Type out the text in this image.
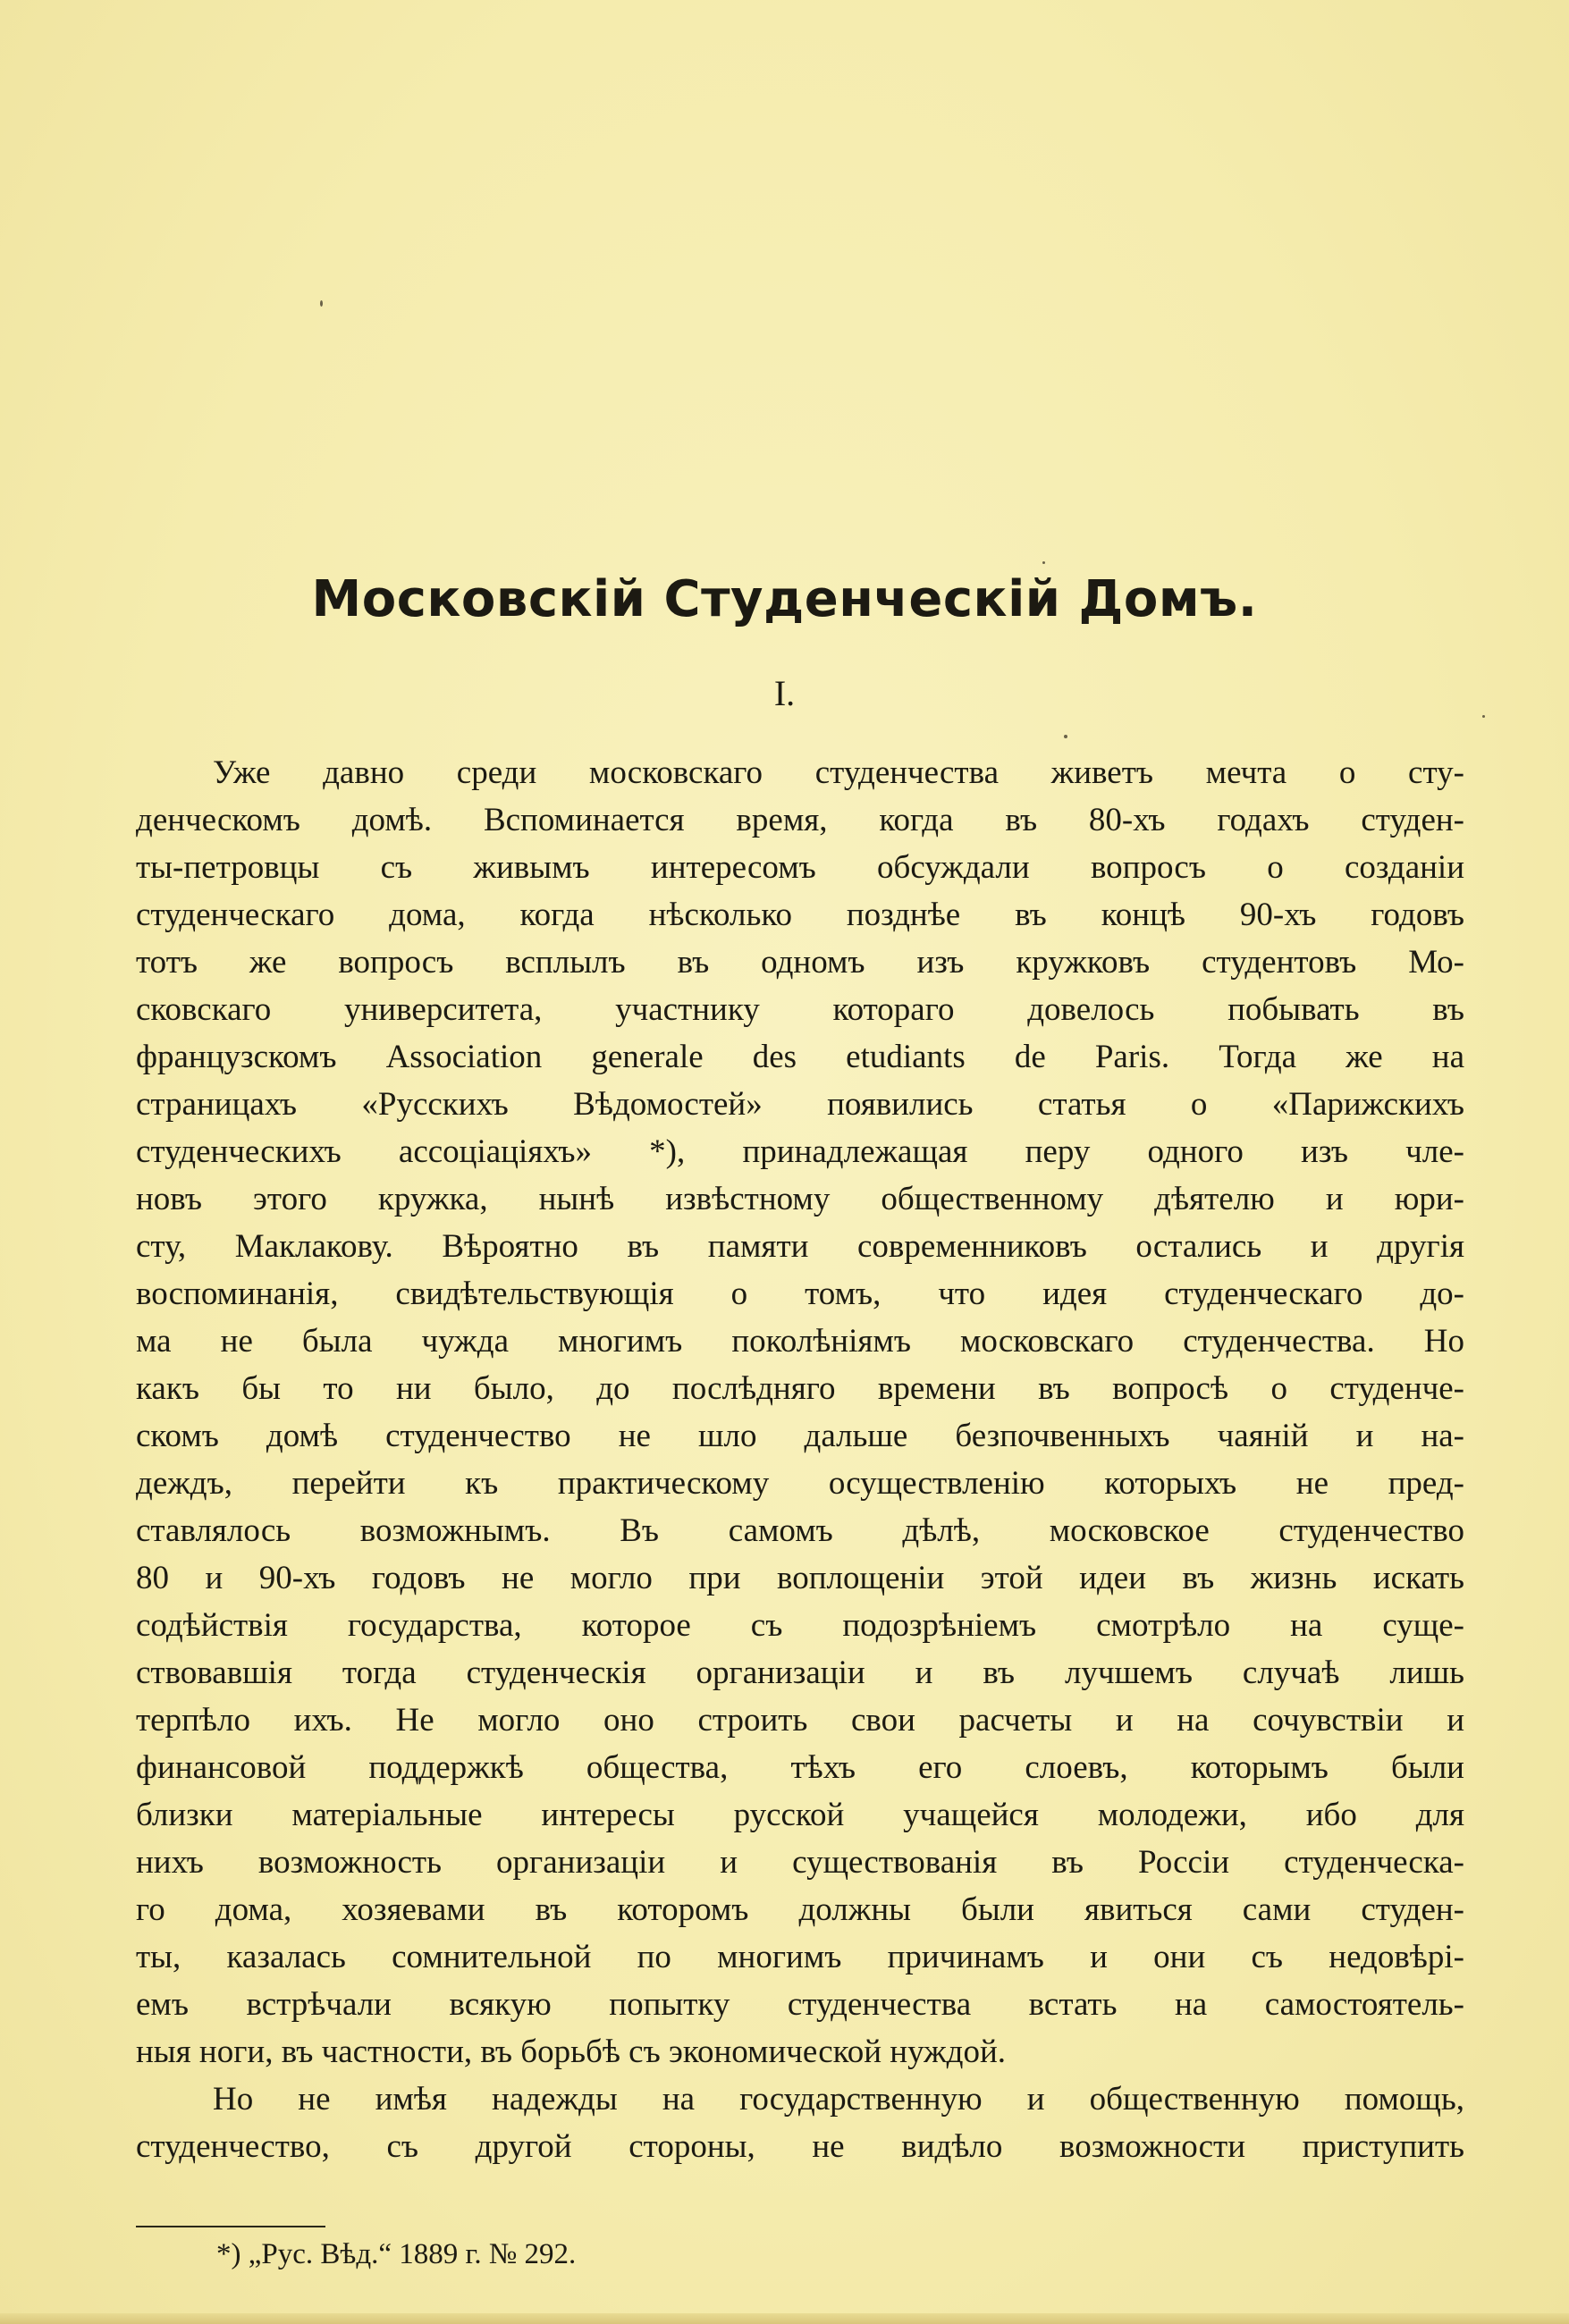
Московскій Студенческій Домъ.
I.
Уже давно среди московскаго студенчества живетъ мечта о сту-
денческомъ домѣ. Вспоминается время, когда въ 80-хъ годахъ студен-
ты-петровцы съ живымъ интересомъ обсуждали вопросъ о созданіи
студенческаго дома, когда нѣсколько позднѣе въ концѣ 90-хъ годовъ
тотъ же вопросъ всплылъ въ одномъ изъ кружковъ студентовъ Мо-
сковскаго университета, участнику котораго довелось побывать въ
французскомъ Association generale des etudiants de Paris. Тогда же на
страницахъ «Русскихъ Вѣдомостей» появились статья о «Парижскихъ
студенческихъ ассоціаціяхъ» *), принадлежащая перу одного изъ чле-
новъ этого кружка, нынѣ извѣстному общественному дѣятелю и юри-
сту, Маклакову. Вѣроятно въ памяти современниковъ остались и другія
воспоминанія, свидѣтельствующія о томъ, что идея студенческаго до-
ма не была чужда многимъ поколѣніямъ московскаго студенчества. Но
какъ бы то ни было, до послѣдняго времени въ вопросѣ о студенче-
скомъ домѣ студенчество не шло дальше безпочвенныхъ чаяній и на-
деждъ, перейти къ практическому осуществленію которыхъ не пред-
ставлялось возможнымъ. Въ самомъ дѣлѣ, московское студенчество
80 и 90-хъ годовъ не могло при воплощеніи этой идеи въ жизнь искать
содѣйствія государства, которое съ подозрѣніемъ смотрѣло на суще-
ствовавшія тогда студенческія организаціи и въ лучшемъ случаѣ лишь
терпѣло ихъ. Не могло оно строить свои расчеты и на сочувствіи и
финансовой поддержкѣ общества, тѣхъ его слоевъ, которымъ были
близки матеріальные интересы русской учащейся молодежи, ибо для
нихъ возможность организаціи и существованія въ Россіи студенческа-
го дома, хозяевами въ которомъ должны были явиться сами студен-
ты, казалась сомнительной по многимъ причинамъ и они съ недовѣрі-
емъ встрѣчали всякую попытку студенчества встать на самостоятель-
ныя ноги, въ частности, въ борьбѣ съ экономической нуждой.
Но не имѣя надежды на государственную и общественную помощь,
студенчество, съ другой стороны, не видѣло возможности приступить

*) „Рус. Вѣд.“ 1889 г. № 292.
